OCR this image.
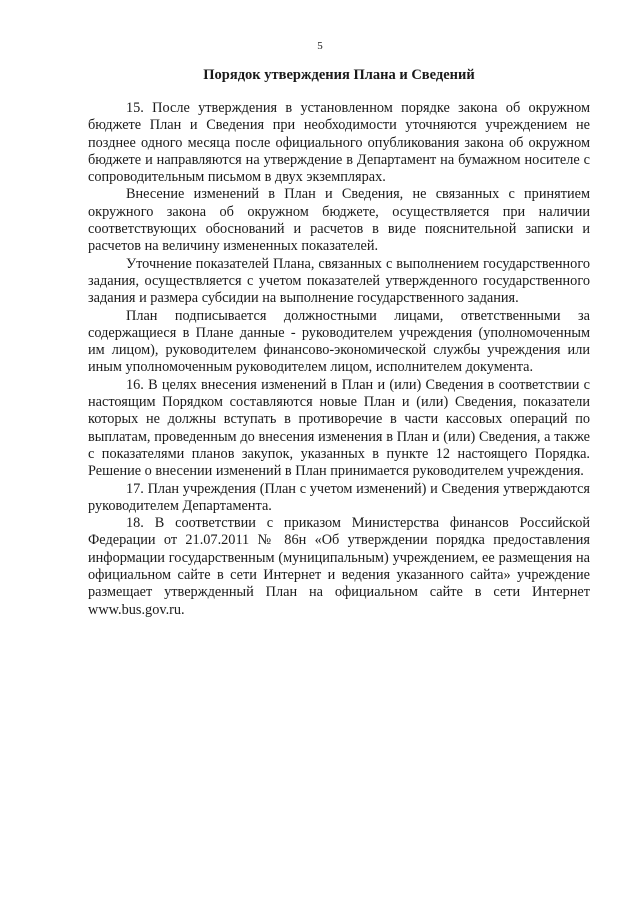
5
Порядок утверждения Плана и Сведений

15. После утверждения в установленном порядке закона об окружном бюджете План и Сведения при необходимости уточняются учреждением не позднее одного месяца после официального опубликования закона об окружном бюджете и направляются на утверждение в Департамент на бумажном носителе с сопроводительным письмом в двух экземплярах.

Внесение изменений в План и Сведения, не связанных с принятием окружного закона об окружном бюджете, осуществляется при наличии соответствующих обоснований и расчетов в виде пояснительной записки и расчетов на величину измененных показателей.

Уточнение показателей Плана, связанных с выполнением государственного задания, осуществляется с учетом показателей утвержденного государственного задания и размера субсидии на выполнение государственного задания.

План подписывается должностными лицами, ответственными за содержащиеся в Плане данные - руководителем учреждения (уполномоченным им лицом), руководителем финансово-экономической службы учреждения или иным уполномоченным руководителем лицом, исполнителем документа.

16. В целях внесения изменений в План и (или) Сведения в соответствии с настоящим Порядком составляются новые План и (или) Сведения, показатели которых не должны вступать в противоречие в части кассовых операций по выплатам, проведенным до внесения изменения в План и (или) Сведения, а также с показателями планов закупок, указанных в пункте 12 настоящего Порядка. Решение о внесении изменений в План принимается руководителем учреждения.

17. План учреждения (План с учетом изменений) и Сведения утверждаются руководителем Департамента.

18. В соответствии с приказом Министерства финансов Российской Федерации от 21.07.2011 № 86н «Об утверждении порядка предоставления информации государственным (муниципальным) учреждением, ее размещения на официальном сайте в сети Интернет и ведения указанного сайта» учреждение размещает утвержденный План на официальном сайте в сети Интернет www.bus.gov.ru.
